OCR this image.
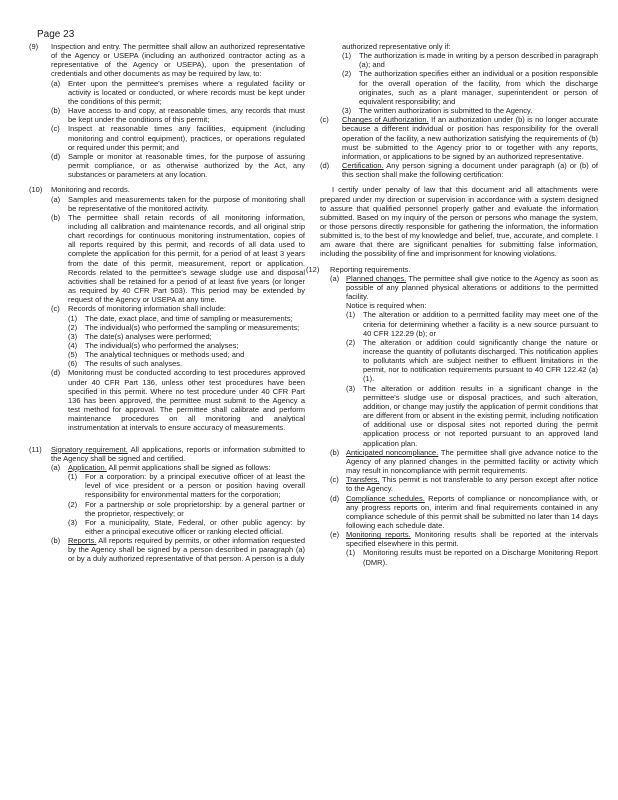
Page 23
(9)	Inspection and entry. The permittee shall allow an authorized representative of the Agency or USEPA (including an authorized contractor acting as a representative of the Agency or USEPA), upon the presentation of credentials and other documents as may be required by law, to:
(a)	Enter upon the permittee's premises where a regulated facility or activity is located or conducted, or where records must be kept under the conditions of this permit;
(b)	Have access to and copy, at reasonable times, any records that must be kept under the conditions of this permit;
(c)	Inspect at reasonable times any facilities, equipment (including monitoring and control equipment), practices, or operations regulated or required under this permit; and
(d)	Sample or monitor at reasonable times, for the purpose of assuring permit compliance, or as otherwise authorized by the Act, any substances or parameters at any location.
(10)	Monitoring and records.
(a)	Samples and measurements taken for the purpose of monitoring shall be representative of the monitored activity.
(b)	The permittee shall retain records of all monitoring information, including all calibration and maintenance records, and all original strip chart recordings for continuous monitoring instrumentation, copies of all reports required by this permit, and records of all data used to complete the application for this permit, for a period of at least 3 years from the date of this permit, measurement, report or application. Records related to the permittee's sewage sludge use and disposal activities shall be retained for a period of at least five years (or longer as required by 40 CFR Part 503). This period may be extended by request of the Agency or USEPA at any time.
(c)	Records of monitoring information shall include:
(1)	The date, exact place, and time of sampling or measurements;
(2)	The individual(s) who performed the sampling or measurements;
(3)	The date(s) analyses were performed;
(4)	The individual(s) who performed the analyses;
(5)	The analytical techniques or methods used; and
(6)	The results of such analyses.
(d)	Monitoring must be conducted according to test procedures approved under 40 CFR Part 136, unless other test procedures have been specified in this permit. Where no test procedure under 40 CFR Part 136 has been approved, the permittee must submit to the Agency a test method for approval. The permittee shall calibrate and perform maintenance procedures on all monitoring and analytical instrumentation at intervals to ensure accuracy of measurements.
(11)	Signatory requirement. All applications, reports or information submitted to the Agency shall be signed and certified.
(a)	Application. All permit applications shall be signed as follows:
(1)	For a corporation: by a principal executive officer of at least the level of vice president or a person or position having overall responsibility for environmental matters for the corporation;
(2)	For a partnership or sole proprietorship: by a general partner or the proprietor, respectively; or
(3)	For a municipality, State, Federal, or other public agency: by either a principal executive officer or ranking elected official.
(b)	Reports. All reports required by permits, or other information requested by the Agency shall be signed by a person described in paragraph (a) or by a duly authorized representative of that person. A person is a duly

authorized representative only if:

(1)	The authorization is made in writing by a person described in paragraph (a); and
(2)	The authorization specifies either an individual or a position responsible for the overall operation of the facility, from which the discharge originates, such as a plant manager, superintendent or person of equivalent responsibility; and
(3)	The written authorization is submitted to the Agency.
(c)	Changes of Authorization. If an authorization under (b) is no longer accurate because a different individual or position has responsibility for the overall operation of the facility, a new authorization satisfying the requirements of (b) must be submitted to the Agency prior to or together with any reports, information, or applications to be signed by an authorized representative.
(d)	Certification. Any person signing a document under paragraph (a) or (b) of this section shall make the following certification:

I certify under penalty of law that this document and all attachments were prepared under my direction or supervision in accordance with a system designed to assure that qualified personnel properly gather and evaluate the information submitted. Based on my inquiry of the person or persons who manage the system, or those persons directly responsible for gathering the information, the information submitted is, to the best of my knowledge and belief, true, accurate, and complete. I am aware that there are significant penalties for submitting false information, including the possibility of fine and imprisonment for knowing violations.

(12)	Reporting requirements.
(a) Planned changes. The permittee shall give notice to the Agency as soon as possible of any planned physical alterations or additions to the permitted facility.

Notice is required when:

(1)	The alteration or addition to a permitted facility may meet one of the criteria for determining whether a facility is a new source pursuant to 40 CFR 122.29 (b); or
(2)	The alteration or addition could significantly change the nature or increase the quantity of pollutants discharged. This notification applies to pollutants which are subject neither to effluent limitations in the permit, nor to notification requirements pursuant to 40 CFR 122.42 (a)(1).
(3)	The alteration or addition results in a significant change in the permittee's sludge use or disposal practices, and such alteration, addition, or change may justify the application of permit conditions that are different from or absent in the existing permit, including notification of additional use or disposal sites not reported during the permit application process or not reported pursuant to an approved land application plan.
(b) Anticipated noncompliance. The permittee shall give advance notice to the Agency of any planned changes in the permitted facility or activity which may result in noncompliance with permit requirements.
(c) Transfers. This permit is not transferable to any person except after notice to the Agency.
(d) Compliance schedules. Reports of compliance or noncompliance with, or any progress reports on, interim and final requirements contained in any compliance schedule of this permit shall be submitted no later than 14 days following each schedule date.
(e) Monitoring reports. Monitoring results shall be reported at the intervals specified elsewhere in this permit.
(1)	Monitoring results must be reported on a Discharge Monitoring Report (DMR).
